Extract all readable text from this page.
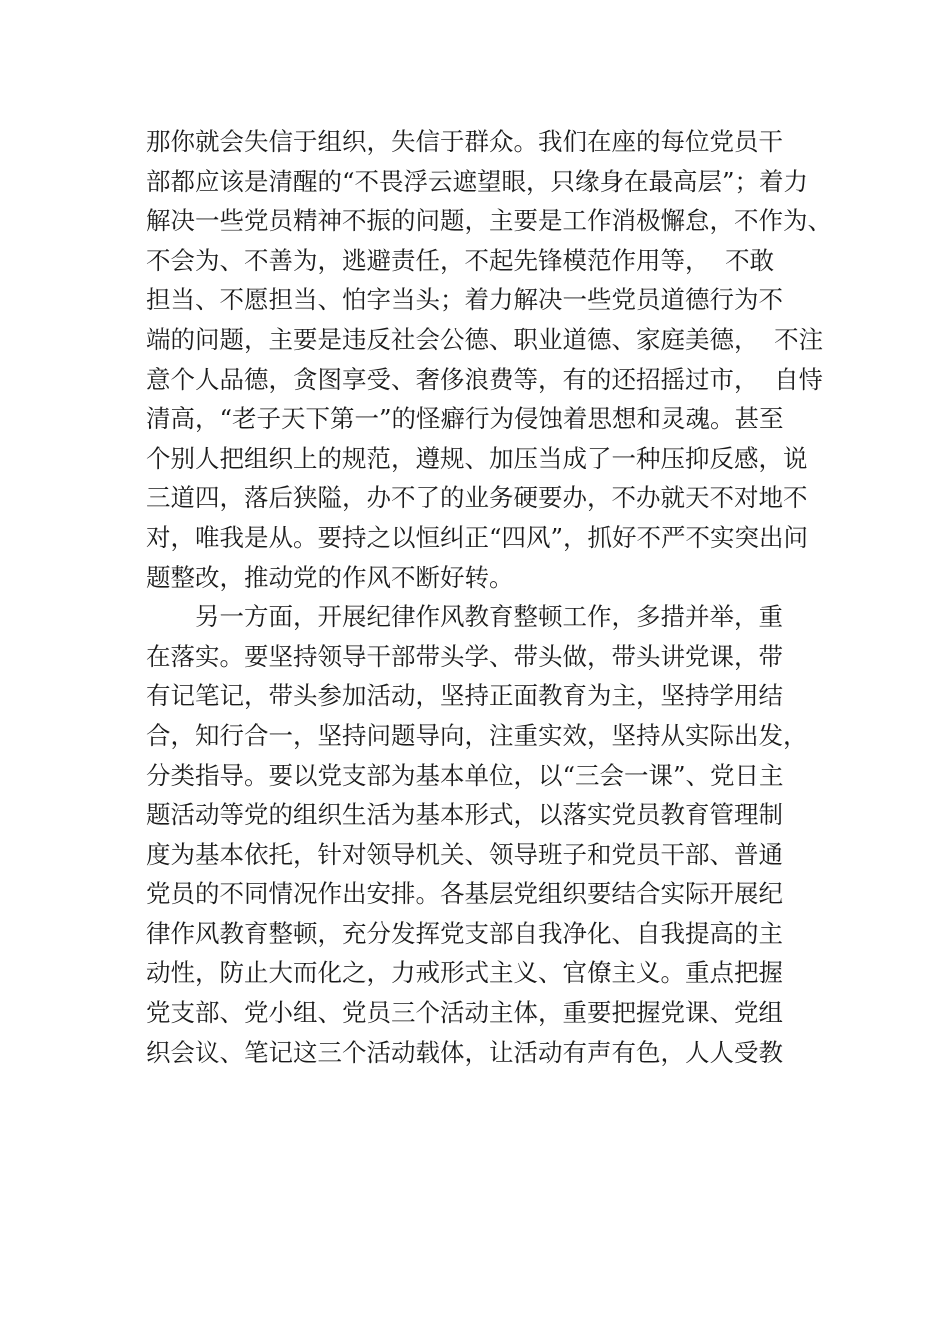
那你就会失信于组织，失信于群众。我们在座的每位党员干
部都应该是清醒的“不畏浮云遮望眼，只缘身在最高层”；着力
解决一些党员精神不振的问题，主要是工作消极懈怠，不作为、
不会为、不善为，逃避责任，不起先锋模范作用等，  不敢
担当、不愿担当、怕字当头；着力解决一些党员道德行为不
端的问题，主要是违反社会公德、职业道德、家庭美德，  不注
意个人品德，贪图享受、奢侈浪费等，有的还招摇过市，  自恃
清高，“老子天下第一”的怪癖行为侵蚀着思想和灵魂。甚至
个别人把组织上的规范，遵规、加压当成了一种压抑反感，说
三道四，落后狭隘，办不了的业务硬要办，不办就天不对地不
对，唯我是从。要持之以恒纠正“四风”，抓好不严不实突出问
题整改，推动党的作风不断好转。
另一方面，开展纪律作风教育整顿工作，多措并举，重
在落实。要坚持领导干部带头学、带头做，带头讲党课，带
有记笔记，带头参加活动，坚持正面教育为主，坚持学用结
合，知行合一，坚持问题导向，注重实效，坚持从实际出发，
分类指导。要以党支部为基本单位，以“三会一课”、党日主
题活动等党的组织生活为基本形式，以落实党员教育管理制
度为基本依托，针对领导机关、领导班子和党员干部、普通
党员的不同情况作出安排。各基层党组织要结合实际开展纪
律作风教育整顿，充分发挥党支部自我净化、自我提高的主
动性，防止大而化之，力戒形式主义、官僚主义。重点把握
党支部、党小组、党员三个活动主体，重要把握党课、党组
织会议、笔记这三个活动载体，让活动有声有色，人人受教
